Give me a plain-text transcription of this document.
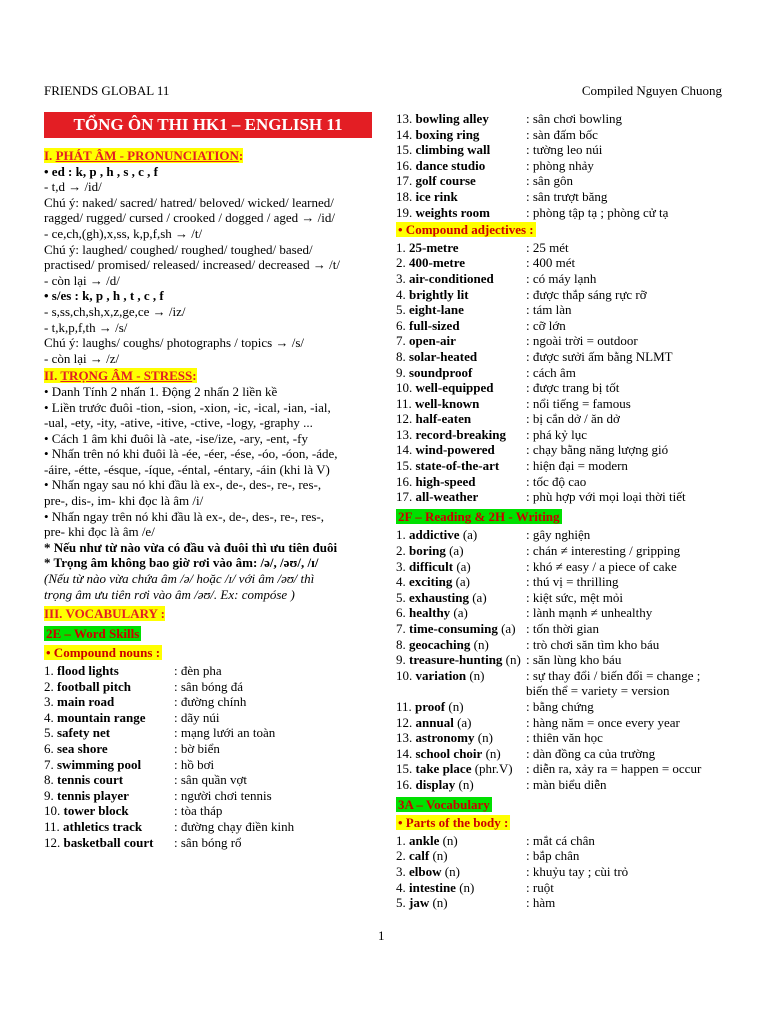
FRIENDS GLOBAL 11	Compiled Nguyen Chuong
TỔNG ÔN THI HK1 – ENGLISH 11
I. PHÁT ÂM - PRONUNCIATION:
• ed : k, p , h , s , c , f
- t,d → /id/
Chú ý: naked/ sacred/ hatred/ beloved/ wicked/ learned/
ragged/ rugged/ cursed / crooked / dogged / aged → /id/
- ce,ch,(gh),x,ss, k,p,f,sh → /t/
Chú ý: laughed/ coughed/ roughed/ toughed/ based/
practised/ promised/ released/ increased/ decreased → /t/
- còn lại → /d/
• s/es : k, p , h , t , c , f
- s,ss,ch,sh,x,z,ge,ce → /iz/
- t,k,p,f,th → /s/
Chú ý: laughs/ coughs/ photographs / topics → /s/
- còn lại → /z/
II. TRỌNG ÂM - STRESS:
• Danh Tính 2 nhấn 1. Động 2 nhấn 2 liền kề
• Liền trước đuôi -tion, -sion, -xion, -ic, -ical, -ian, -ial,
-ual, -ety, -ity, -ative, -itive, -ctive, -logy, -graphy ...
• Cách 1 âm khi đuôi là -ate, -ise/ize, -ary, -ent, -fy
• Nhấn trên nó khi đuôi là -ée, -éer, -ése, -óo, -óon, -áde,
-áire, -étte, -ésque, -íque, -éntal, -éntary, -áin (khi là V)
• Nhấn ngay sau nó khi đầu là ex-, de-, des-, re-, res-,
pre-, dis-, im- khi đọc là âm /i/
• Nhấn ngay trên nó khi đầu là ex-, de-, des-, re-, res-,
pre- khi đọc là âm /e/
* Nếu như từ nào vừa có đầu và đuôi thì ưu tiên đuôi
* Trọng âm không bao giờ rơi vào âm: /ə/, /əʊ/, /ɪ/
(Nếu từ nào vừa chứa âm /ə/ hoặc /ɪ/ với âm /əʊ/ thì
trọng âm ưu tiên rơi vào âm /əʊ/. Ex: compóse )
III. VOCABULARY :
2E – Word Skills
• Compound nouns :
1. flood lights	: đèn pha
2. football pitch	: sân bóng đá
3. main road	: đường chính
4. mountain range	: dãy núi
5. safety net	: mạng lưới an toàn
6. sea shore	: bờ biển
7. swimming pool	: hồ bơi
8. tennis court	: sân quần vợt
9. tennis player	: người chơi tennis
10. tower block	: tòa tháp
11. athletics track	: đường chạy điền kinh
12. basketball court	: sân bóng rổ
13. bowling alley	: sân chơi bowling
14. boxing ring	: sàn đấm bốc
15. climbing wall	: tường leo núi
16. dance studio	: phòng nhảy
17. golf course	: sân gôn
18. ice rink	: sân trượt băng
19. weights room	: phòng tập tạ ; phòng cử tạ
• Compound adjectives :
1. 25-metre	: 25 mét
2. 400-metre	: 400 mét
3. air-conditioned	: có máy lạnh
4. brightly lit	: được thắp sáng rực rỡ
5. eight-lane	: tám làn
6. full-sized	: cỡ lớn
7. open-air	: ngoài trời = outdoor
8. solar-heated	: được sưởi ấm bằng NLMT
9. soundproof	: cách âm
10. well-equipped	: được trang bị tốt
11. well-known	: nổi tiếng = famous
12. half-eaten	: bị cắn dở / ăn dở
13. record-breaking	: phá kỷ lục
14. wind-powered	: chạy bằng năng lượng gió
15. state-of-the-art	: hiện đại = modern
16. high-speed	: tốc độ cao
17. all-weather	: phù hợp với mọi loại thời tiết
2F – Reading & 2H - Writing
1. addictive (a)	: gây nghiện
2. boring (a)	: chán ≠ interesting / gripping
3. difficult (a)	: khó ≠ easy / a piece of cake
4. exciting (a)	: thú vị = thrilling
5. exhausting (a)	: kiệt sức, mệt mỏi
6. healthy (a)	: lành mạnh ≠ unhealthy
7. time-consuming (a) : tốn thời gian
8. geocaching (n)	: trò chơi săn tìm kho báu
9. treasure-hunting (n) : săn lùng kho báu
10. variation (n)	: sự thay đổi / biến đổi = change ;
biến thể = variety = version
11. proof (n)	: bằng chứng
12. annual (a)	: hàng năm = once every year
13. astronomy (n)	: thiên văn học
14. school choir (n)	: dàn đồng ca của trường
15. take place (phr.V)	: diễn ra, xảy ra = happen = occur
16. display (n)	: màn biểu diễn
3A – Vocabulary
• Parts of the body :
1. ankle (n)	: mắt cá chân
2. calf (n)	: bắp chân
3. elbow (n)	: khuỷu tay ; cùi trỏ
4. intestine (n)	: ruột
5. jaw (n)	: hàm
1
